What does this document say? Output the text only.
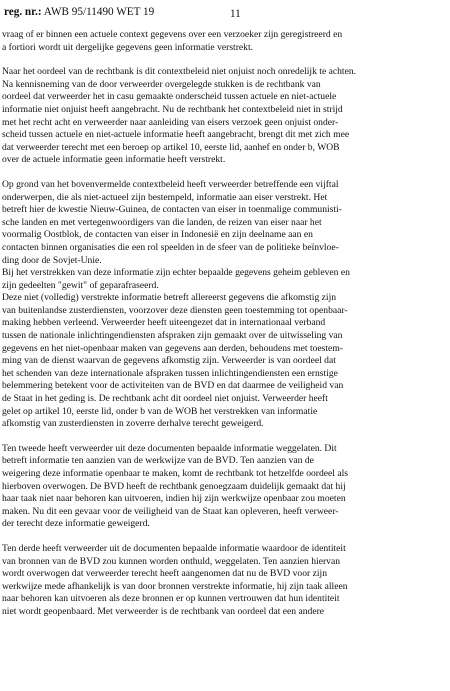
reg. nr.: AWB 95/11490 WET 19	11

vraag of er binnen een actuele context gegevens over een verzoeker zijn geregistreerd en
a fortiori wordt uit dergelijke gegevens geen informatie verstrekt.

Naar het oordeel van de rechtbank is dit contextbeleid niet onjuist noch onredelijk te achten.
Na kennisneming van de door verweerder overgelegde stukken is de rechtbank van
oordeel dat verweerder het in casu gemaakte onderscheid tussen actuele en niet-actuele
informatie niet onjuist heeft aangebracht. Nu de rechtbank het contextbeleid niet in strijd
met het recht acht en verweerder naar aanleiding van eisers verzoek geen onjuist onder-
scheid tussen actuele en niet-actuele informatie heeft aangebracht, brengt dit met zich mee
dat verweerder terecht met een beroep op artikel 10, eerste lid, aanhef en onder b, WOB
over de actuele informatie geen informatie heeft verstrekt.

Op grond van het bovenvermelde contextbeleid heeft verweerder betreffende een vijftal
onderwerpen, die als niet-actueel zijn bestempeld, informatie aan eiser verstrekt. Het
betreft hier de kwestie Nieuw-Guinea, de contacten van eiser in toenmalige communisti-
sche landen en met vertegenwoordigers van die landen, de reizen van eiser naar het
voormalig Oostblok, de contacten van eiser in Indonesië en zijn deelname aan en
contacten binnen organisaties die een rol speelden in de sfeer van de politieke beïnvloe-
ding door de Sovjet-Unie.
Bij het verstrekken van deze informatie zijn echter bepaalde gegevens geheim gebleven en
zijn gedeelten "gewit" of geparafraseerd.
Deze niet (volledig) verstrekte informatie betreft allereerst gegevens die afkomstig zijn
van buitenlandse zusterdiensten, voorzover deze diensten geen toestemming tot openbaar-
making hebben verleend. Verweerder heeft uiteengezet dat in internationaal verband
tussen de nationale inlichtingendiensten afspraken zijn gemaakt over de uitwisseling van
gegevens en het niet-openbaar maken van gegevens aan derden, behoudens met toestem-
ming van de dienst waarvan de gegevens afkomstig zijn. Verweerder is van oordeel dat
het schenden van deze internationale afspraken tussen inlichtingendiensten een ernstige
belemmering betekent voor de activiteiten van de BVD en dat daarmee de veiligheid van
de Staat in het geding is. De rechtbank acht dit oordeel niet onjuist. Verweerder heeft
gelet op artikel 10, eerste lid, onder b van de WOB het verstrekken van informatie
afkomstig van zusterdiensten in zoverre derhalve terecht geweigerd.

Ten tweede heeft verweerder uit deze documenten bepaalde informatie weggelaten. Dit
betreft informatie ten aanzien van de werkwijze van de BVD. Ten aanzien van de
weigering deze informatie openbaar te maken, komt de rechtbank tot hetzelfde oordeel als
hierboven overwogen. De BVD heeft de rechtbank genoegzaam duidelijk gemaakt dat hij
haar taak niet naar behoren kan uitvoeren, indien hij zijn werkwijze openbaar zou moeten
maken. Nu dit een gevaar voor de veiligheid van de Staat kan opleveren, heeft verweer-
der terecht deze informatie geweigerd.

Ten derde heeft verweerder uit de documenten bepaalde informatie waardoor de identiteit
van bronnen van de BVD zou kunnen worden onthuld, weggelaten. Ten aanzien hiervan
wordt overwogen dat verweerder terecht heeft aangenomen dat nu de BVD voor zijn
werkwijze mede afhankelijk is van door bronnen verstrekte informatie, hij zijn taak alleen
naar behoren kan uitvoeren als deze bronnen er op kunnen vertrouwen dat hun identiteit
niet wordt geopenbaard. Met verweerder is de rechtbank van oordeel dat een andere
